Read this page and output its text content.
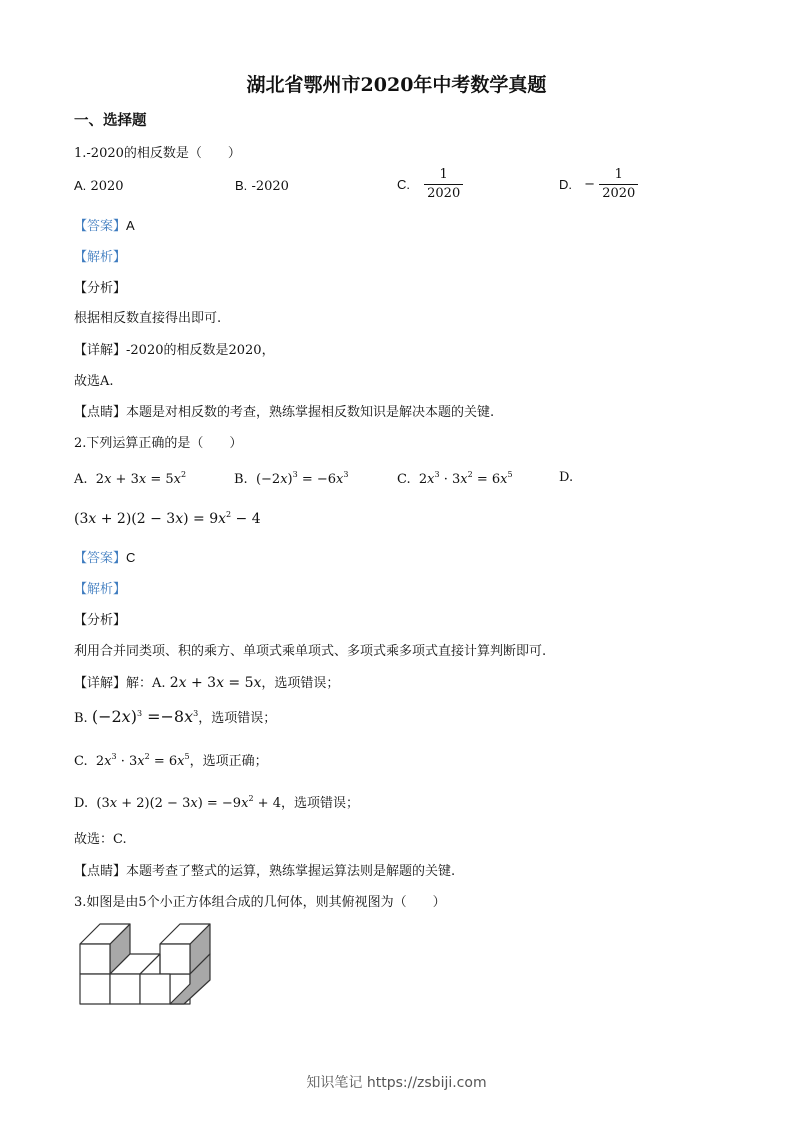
湖北省鄂州市2020年中考数学真题
一、选择题
1.-2020的相反数是（　　）
A. 2020	B. -2020	C. $\frac{1}{2020}$	D. − $\frac{1}{2020}$
【答案】A
【解析】
【分析】
根据相反数直接得出即可.
【详解】-2020的相反数是2020，
故选A.
【点睛】本题是对相反数的考查，熟练掌握相反数知识是解决本题的关键.
2.下列运算正确的是（　　）
A.  $2x + 3x = 5x^2$	B.  $(-2x)^3 = -6x^3$	C.  $2x^3 \cdot 3x^2 = 6x^5$	D.
$(3x + 2)(2 - 3x) = 9x^2 - 4$
【答案】C
【解析】
【分析】
利用合并同类项、积的乘方、单项式乘单项式、多项式乘多项式直接计算判断即可.
【详解】解：A. 2x + 3x = 5x，选项错误；
B. $(-2x)^3 =-8x^3$，选项错误；
C.  $2x^3 \cdot 3x^2 = 6x^5$，选项正确；
D.  $(3x + 2)(2 - 3x) = -9x^2 + 4$，选项错误；
故选：C.
【点睛】本题考查了整式的运算，熟练掌握运算法则是解题的关键.
3.如图是由5个小正方体组合成的几何体，则其俯视图为（　　）
知识笔记 https://zsbiji.com
